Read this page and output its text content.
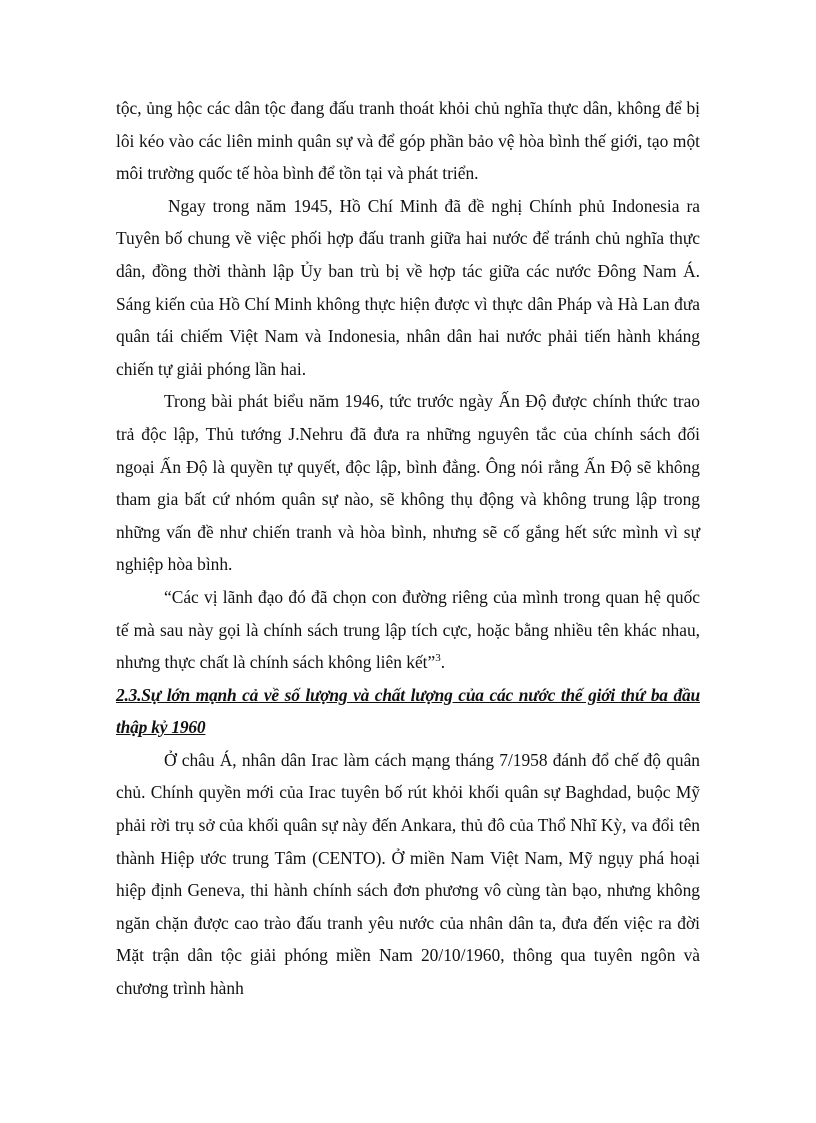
tộc, ủng hộc các dân tộc đang đấu tranh thoát khỏi chủ nghĩa thực dân, không để bị lôi kéo vào các liên minh quân sự và để góp phần bảo vệ hòa bình thế giới, tạo một môi trường quốc tế hòa bình để tồn tại và phát triển.

Ngay trong năm 1945, Hồ Chí Minh đã đề nghị Chính phủ Indonesia ra Tuyên bố chung về việc phối hợp đấu tranh giữa hai nước để tránh chủ nghĩa thực dân, đồng thời thành lập Ủy ban trù bị về hợp tác giữa các nước Đông Nam Á. Sáng kiến của Hồ Chí Minh không thực hiện được vì thực dân Pháp và Hà Lan đưa quân tái chiếm Việt Nam và Indonesia, nhân dân hai nước phải tiến hành kháng chiến tự giải phóng lần hai.

Trong bài phát biểu năm 1946, tức trước ngày Ấn Độ được chính thức trao trả độc lập, Thủ tướng J.Nehru đã đưa ra những nguyên tắc của chính sách đối ngoại Ấn Độ là quyền tự quyết, độc lập, bình đẳng. Ông nói rằng Ấn Độ sẽ không tham gia bất cứ nhóm quân sự nào, sẽ không thụ động và không trung lập trong những vấn đề như chiến tranh và hòa bình, nhưng sẽ cố gắng hết sức mình vì sự nghiệp hòa bình.

“Các vị lãnh đạo đó đã chọn con đường riêng của mình trong quan hệ quốc tế mà sau này gọi là chính sách trung lập tích cực, hoặc bằng nhiều tên khác nhau, nhưng thực chất là chính sách không liên kết”$^3$.

2.3.Sự lớn mạnh cả về số lượng và chất lượng của các nước thế giới thứ ba đầu thập kỷ 1960

Ở châu Á, nhân dân Irac làm cách mạng tháng 7/1958 đánh đổ chế độ quân chủ. Chính quyền mới của Irac tuyên bố rút khỏi khối quân sự Baghdad, buộc Mỹ phải rời trụ sở của khối quân sự này đến Ankara, thủ đô của Thổ Nhĩ Kỳ, va đổi tên thành Hiệp ước trung Tâm (CENTO). Ở miền Nam Việt Nam, Mỹ ngụy phá hoại hiệp định Geneva, thi hành chính sách đơn phương vô cùng tàn bạo, nhưng không ngăn chặn được cao trào đấu tranh yêu nước của nhân dân ta, đưa đến việc ra đời Mặt trận dân tộc giải phóng miền Nam 20/10/1960, thông qua tuyên ngôn và chương trình hành
